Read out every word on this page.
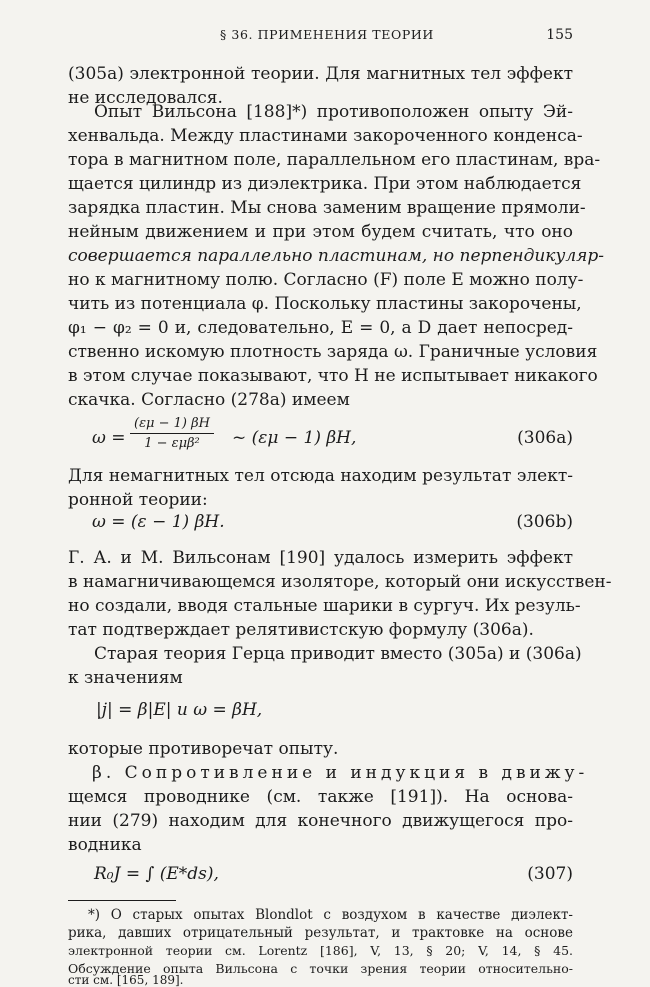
§ 36. ПРИМЕНЕНИЯ ТЕОРИИ	155
(305а) электронной теории. Для магнитных тел эффект
не исследовался.
Опыт Вильсона [188]*) противоположен опыту Эй-
хенвальда. Между пластинами закороченного конденса-
тора в магнитном поле, параллельном его пластинам, вра-
щается цилиндр из диэлектрика. При этом наблюдается
зарядка пластин. Мы снова заменим вращение прямоли-
нейным движением и при этом будем считать, что оно
совершается параллельно пластинам, но перпендикуляр-
но к магнитному полю. Согласно (F) поле E можно полу-
чить из потенциала φ. Поскольку пластины закорочены,
φ₁ − φ₂ = 0 и, следовательно, E = 0, а D дает непосред-
ственно искомую плотность заряда ω. Граничные условия
в этом случае показывают, что H не испытывает никакого
скачка. Согласно (278а) имеем
ω =
(εμ − 1) βH
1 − εμβ²	~ (εμ − 1) βH,	(306а)
Для немагнитных тел отсюда находим результат элект-
ронной теории:
ω = (ε − 1) βH.	(306b)
Г. А. и М. Вильсонам [190] удалось измерить эффект
в намагничивающемся изоляторе, который они искусствен-
но создали, вводя стальные шарики в сургуч. Их резуль-
тат подтверждает релятивистскую формулу (306а).
Старая теория Герца приводит вместо (305а) и (306а)
к значениям
|j| = β|E| и ω = βH,
которые противоречат опыту.
β. Сопротивление и индукция в движу-
щемся проводнике (см. также [191]). На основа-
нии (279) находим для конечного движущегося про-
водника
R₀J = ∫ (E*ds),	(307)
*) О старых опытах Blondlot с воздухом в качестве диэлект-
рика, давших отрицательный результат, и трактовке на основе
электронной теории см. Lorentz [186], V, 13, § 20; V, 14, § 45.
Обсуждение опыта Вильсона с точки зрения теории относительно-
сти см. [165, 189].
